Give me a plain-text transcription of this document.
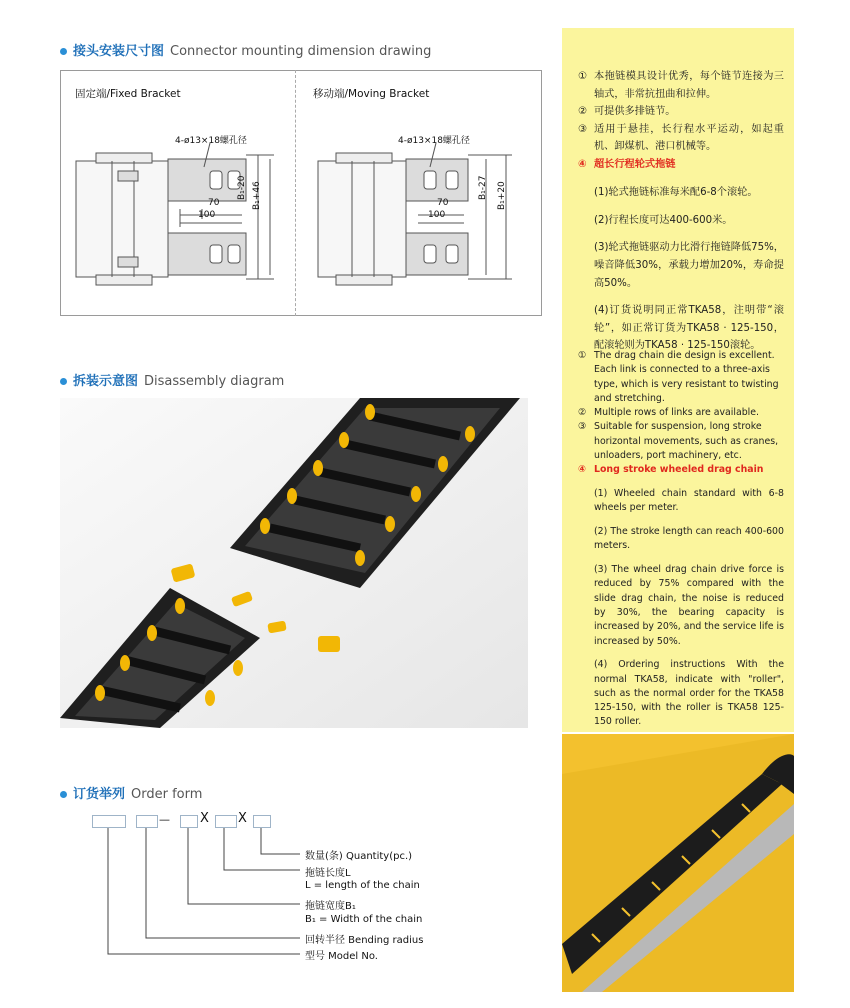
接头安装尺寸图 Connector mounting dimension drawing
固定端/Fixed Bracket	移动端/Moving Bracket
4-ø13×18螺孔径
70
100
B₁-20 B₁+46
4-ø13×18螺孔径
70
100
B₁-27 B₁+20
拆装示意图 Disassembly diagram
订货举列 Order form
— X X
数量(条) Quantity(pc.)
拖链长度L
L = length of the chain
拖链宽度B₁
B₁ = Width of the chain
回转半径 Bending radius
型号 Model No.
① 本拖链模具设计优秀，每个链节连接为三轴式，非常抗扭曲和拉伸。
② 可提供多排链节。
③ 适用于悬挂，长行程水平运动，如起重机、卸煤机、港口机械等。
④ 超长行程轮式拖链

(1)轮式拖链标准每米配6-8个滚轮。

(2)行程长度可达400-600米。

(3)轮式拖链驱动力比滑行拖链降低75%，噪音降低30%，承载力增加20%，寿命提高50%。

(4)订货说明同正常TKA58，注明带“滚轮”，如正常订货为TKA58 · 125-150，配滚轮则为TKA58 · 125-150滚轮。

① The drag chain die design is excellent. Each link is connected to a three-axis type, which is very resistant to twisting and stretching.
② Multiple rows of links are available.
③ Suitable for suspension, long stroke horizontal movements, such as cranes, unloaders, port machinery, etc.
④ Long stroke wheeled drag chain

(1) Wheeled chain standard with 6-8 wheels per meter.

(2) The stroke length can reach 400-600 meters.

(3) The wheel drag chain drive force is reduced by 75% compared with the slide drag chain, the noise is reduced by 30%, the bearing capacity is increased by 20%, and the service life is increased by 50%.

(4) Ordering instructions With the normal TKA58, indicate with "roller", such as the normal order for the TKA58 125-150, with the roller is TKA58 125-150 roller.
